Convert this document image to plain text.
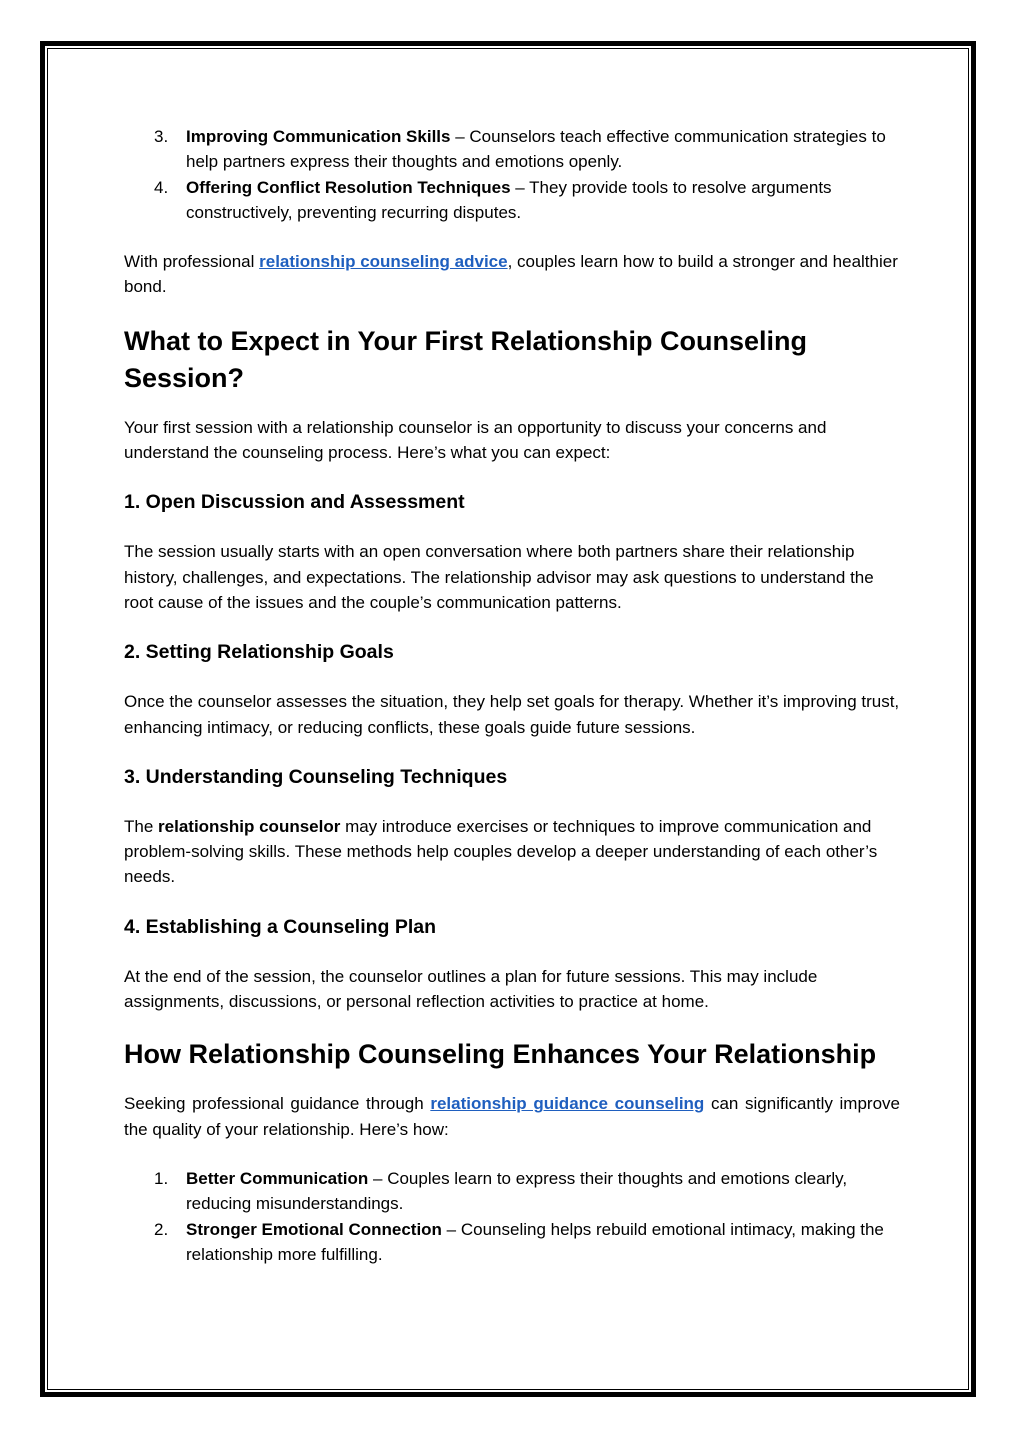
3. Improving Communication Skills – Counselors teach effective communication strategies to help partners express their thoughts and emotions openly.
4. Offering Conflict Resolution Techniques – They provide tools to resolve arguments constructively, preventing recurring disputes.

With professional relationship counseling advice, couples learn how to build a stronger and healthier bond.

What to Expect in Your First Relationship Counseling Session?

Your first session with a relationship counselor is an opportunity to discuss your concerns and understand the counseling process. Here’s what you can expect:

1. Open Discussion and Assessment

The session usually starts with an open conversation where both partners share their relationship history, challenges, and expectations. The relationship advisor may ask questions to understand the root cause of the issues and the couple’s communication patterns.

2. Setting Relationship Goals

Once the counselor assesses the situation, they help set goals for therapy. Whether it’s improving trust, enhancing intimacy, or reducing conflicts, these goals guide future sessions.

3. Understanding Counseling Techniques

The relationship counselor may introduce exercises or techniques to improve communication and problem-solving skills. These methods help couples develop a deeper understanding of each other’s needs.

4. Establishing a Counseling Plan

At the end of the session, the counselor outlines a plan for future sessions. This may include assignments, discussions, or personal reflection activities to practice at home.

How Relationship Counseling Enhances Your Relationship

Seeking professional guidance through relationship guidance counseling can significantly improve the quality of your relationship. Here’s how:

1. Better Communication – Couples learn to express their thoughts and emotions clearly, reducing misunderstandings.
2. Stronger Emotional Connection – Counseling helps rebuild emotional intimacy, making the relationship more fulfilling.
